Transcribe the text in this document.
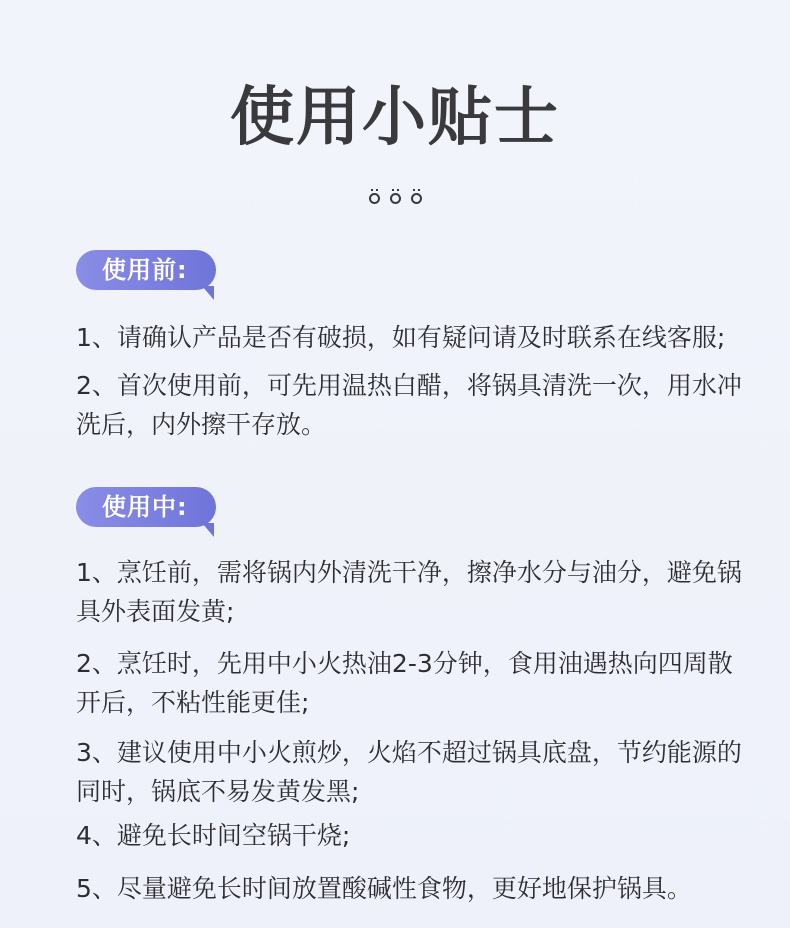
使用小贴士
使用前:

1、请确认产品是否有破损，如有疑问请及时联系在线客服;

2、首次使用前，可先用温热白醋，将锅具清洗一次，用水冲洗后，内外擦干存放。

使用中:

1、烹饪前，需将锅内外清洗干净，擦净水分与油分，避免锅具外表面发黄;

2、烹饪时，先用中小火热油2-3分钟，食用油遇热向四周散开后，不粘性能更佳;

3、建议使用中小火煎炒，火焰不超过锅具底盘，节约能源的同时，锅底不易发黄发黑;

4、避免长时间空锅干烧;

5、尽量避免长时间放置酸碱性食物，更好地保护锅具。
